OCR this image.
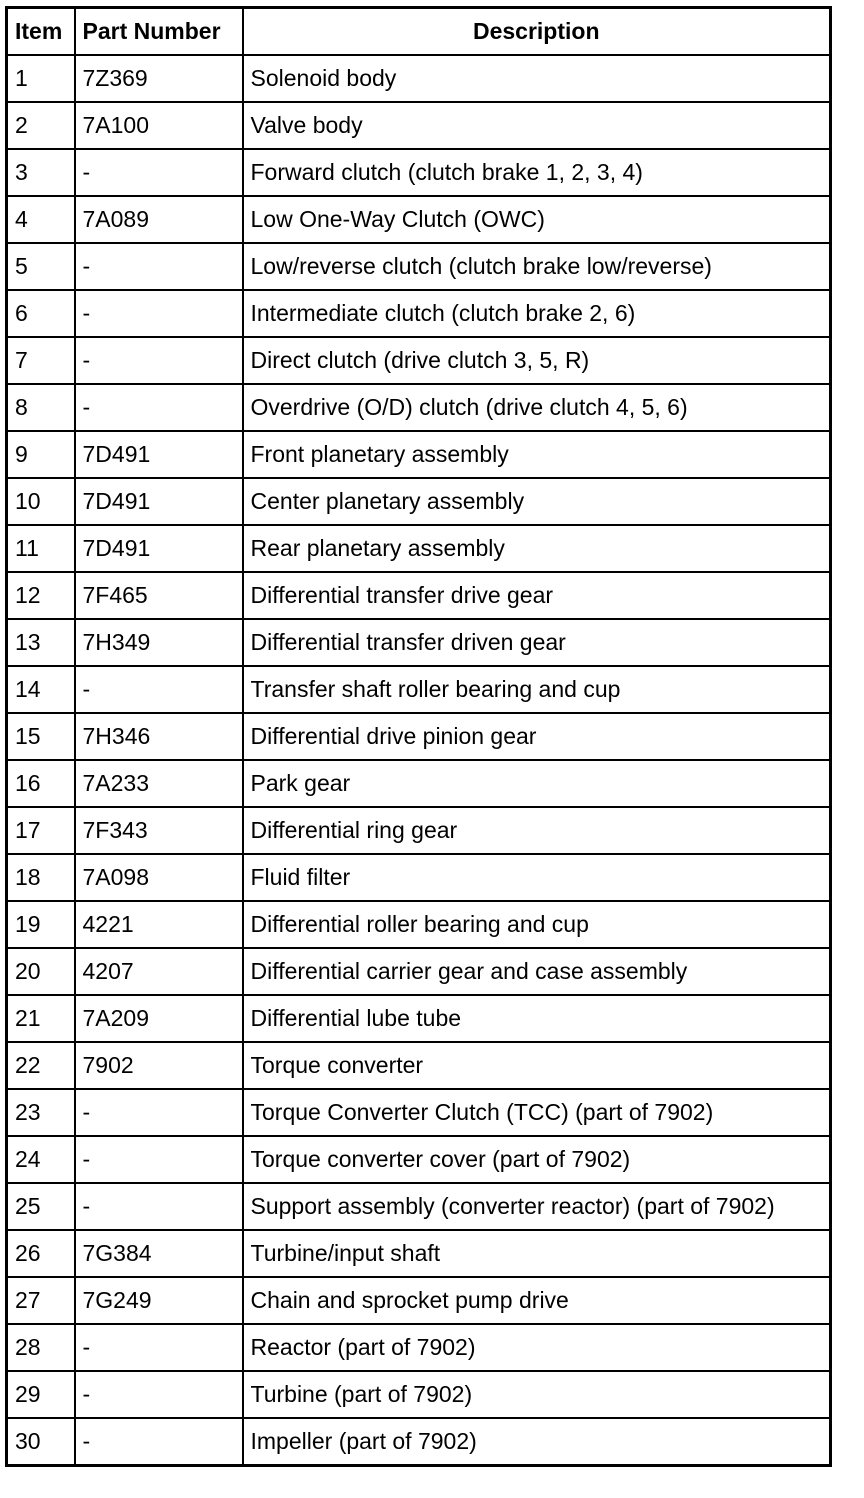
Item	Part Number	Description
1	7Z369	Solenoid body
2	7A100	Valve body
3	-	Forward clutch (clutch brake 1, 2, 3, 4)
4	7A089	Low One-Way Clutch (OWC)
5	-	Low/reverse clutch (clutch brake low/reverse)
6	-	Intermediate clutch (clutch brake 2, 6)
7	-	Direct clutch (drive clutch 3, 5, R)
8	-	Overdrive (O/D) clutch (drive clutch 4, 5, 6)
9	7D491	Front planetary assembly
10	7D491	Center planetary assembly
11	7D491	Rear planetary assembly
12	7F465	Differential transfer drive gear
13	7H349	Differential transfer driven gear
14	-	Transfer shaft roller bearing and cup
15	7H346	Differential drive pinion gear
16	7A233	Park gear
17	7F343	Differential ring gear
18	7A098	Fluid filter
19	4221	Differential roller bearing and cup
20	4207	Differential carrier gear and case assembly
21	7A209	Differential lube tube
22	7902	Torque converter
23	-	Torque Converter Clutch (TCC) (part of 7902)
24	-	Torque converter cover (part of 7902)
25	-	Support assembly (converter reactor) (part of 7902)
26	7G384	Turbine/input shaft
27	7G249	Chain and sprocket pump drive
28	-	Reactor (part of 7902)
29	-	Turbine (part of 7902)
30	-	Impeller (part of 7902)
